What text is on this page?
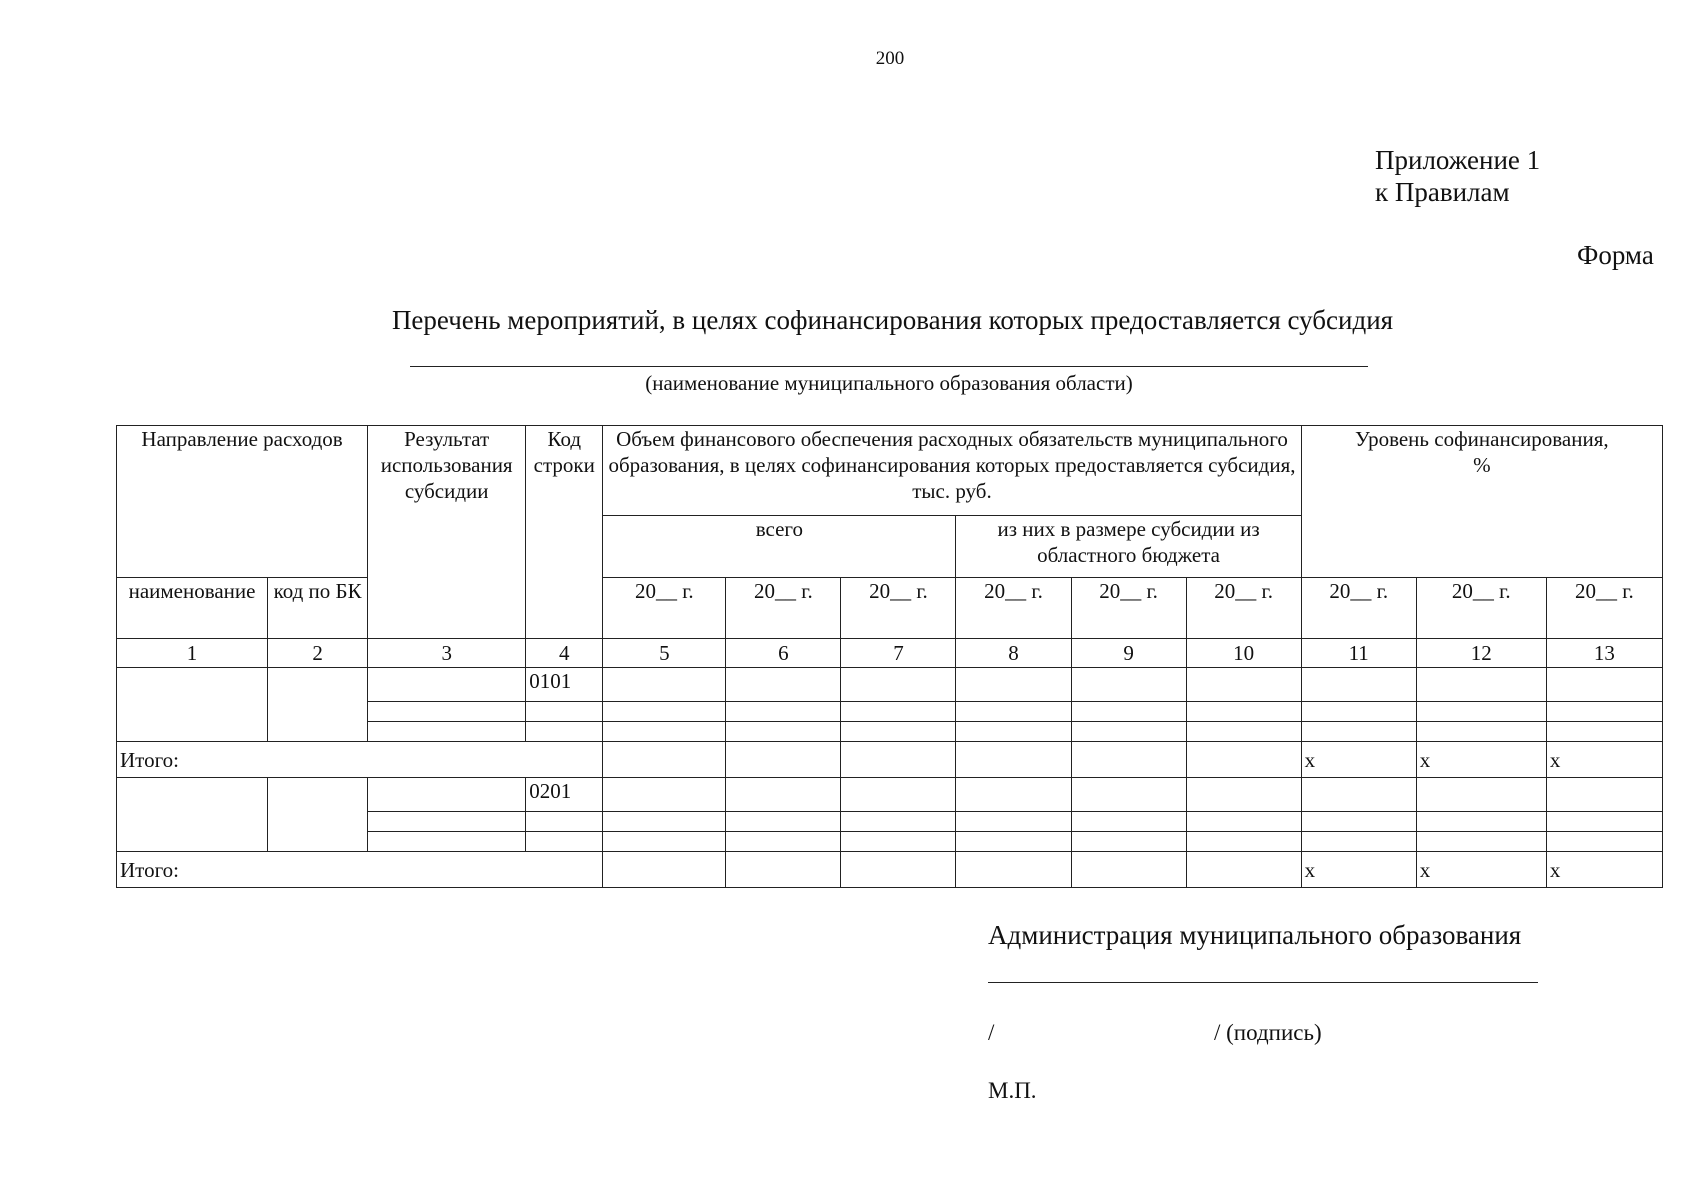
200
Приложение 1
к Правилам
Форма
Перечень мероприятий, в целях софинансирования которых предоставляется субсидия
(наименование муниципального образования области)
Направление расходов		Результат использования субсидии	Код строки	Объем финансового обеспечения расходных обязательств муниципального образования, в целях софинансирования которых предоставляется субсидия, тыс. руб.						Уровень софинансирования, %		
				всего			из них в размере субсидии из областного бюджета					
наименование	код по БК			20__ г.	20__ г.	20__ г.	20__ г.	20__ г.	20__ г.	20__ г.	20__ г.	20__ г.
1	2	3	4	5	6	7	8	9	10	11	12	13
			0101									

Итого:										x	x	x
			0201									

Итого:										x	x	x
Администрация муниципального образования
/	/ (подпись)
М.П.
